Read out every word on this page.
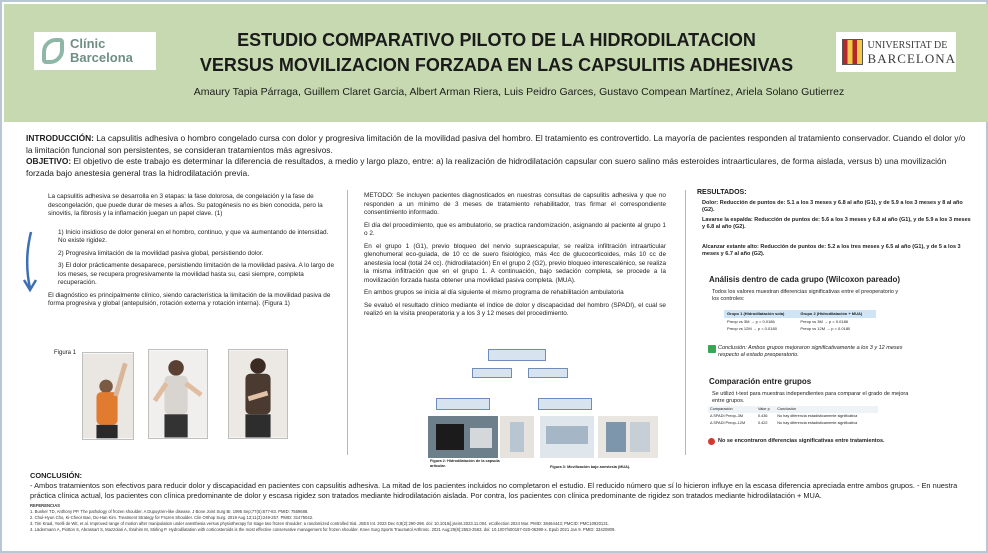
Clínic
Barcelona
ESTUDIO COMPARATIVO PILOTO DE LA HIDRODILATACION
VERSUS MOVILIZACION FORZADA EN LAS CAPSULITIS ADHESIVAS
UNIVERSITAT DE
BARCELONA
Amaury Tapia Párraga, Guillem Claret Garcia, Albert Arman Riera, Luis Peidro Garces, Gustavo Compean Martínez, Ariela Solano Gutierrez
INTRODUCCIÓN: La capsulitis adhesiva o hombro congelado cursa con dolor y progresiva limitación de la movilidad pasiva del hombro. El tratamiento es controvertido. La mayoría de pacientes responden al tratamiento conservador. Cuando el dolor y/o la limitación funcional son persistentes, se consideran tratamientos más agresivos.
OBJETIVO: El objetivo de este trabajo es determinar la diferencia de resultados, a medio y largo plazo, entre: a) la realización de hidrodilatación capsular con suero salino más esteroides intraarticulares, de forma aislada, versus b) una movilización forzada bajo anestesia general tras la hidrodilatación previa.

La capsulitis adhesiva se desarrolla en 3 etapas: la fase dolorosa, de congelación y la fase de descongelación, que puede durar de meses a años. Su patogénesis no es bien conocida, pero la sinovitis, la fibrosis y la inflamación juegan un papel clave. (1)

1) Inicio insidioso de dolor general en el hombro, continuo, y que va aumentando de intensidad. No existe rigidez.

2) Progresiva limitación de la movilidad pasiva global, persistiendo dolor.

3) El dolor prácticamente desaparece, persistiendo limitación de la movilidad pasiva. A lo largo de los meses, se recupera progresivamente la movilidad hasta su, casi siempre, completa recuperación.

El diagnóstico es principalmente clínico, siendo característica la limitación de la movilidad pasiva de forma progresiva y global (antepulsión, rotación externa y rotación interna). (Figura 1)

Figura 1

METODO: Se incluyen pacientes diagnosticados en nuestras consultas de capsulitis adhesiva y que no responden a un mínimo de 3 meses de tratamiento rehabilitador, tras firmar el correspondiente consentimiento informado.

El día del procedimiento, que es ambulatorio, se practica randomización, asignando al paciente al grupo 1 o 2.

En el grupo 1 (G1), previo bloqueo del nervio supraescapular, se realiza infiltración intraarticular glenohumeral eco-guiada, de 10 cc de suero fisiológico, más 4cc de glucocorticoides, más 10 cc de anestesia local (total 24 cc). (hidrodilatación) En el grupo 2 (G2), previo bloqueo interescalénico, se realiza la misma infiltración que en el grupo 1. A continuación, bajo sedación completa, se procede a la movilización forzada hasta obtener una movilidad pasiva completa. (MUA).

En ambos grupos se inicia al día siguiente el mismo programa de rehabilitación ambulatoria

Se evaluó el resultado clínico mediante el índice de dolor y discapacidad del hombro (SPADI), el cual se realizó en la visita preoperatoria y a los 3 y 12 meses del procedimiento.

Figura 2: Hidrodilatación de la capsula articular.	Figura 3: Movilización bajo anestesia (MUA).
RESULTADOS:
Dolor: Reducción de puntos de: 5.1 a los 3 meses y 6.8 al año (G1), y de 5.9 a los 3 meses y 8 al año (G2).
Lavarse la espalda: Reducción de puntos de: 5.6 a los 3 meses y 6.8 al año (G1), y de 5.9 a los 3 meses y 6.8 al año (G2).
Alcanzar estante alto: Reducción de puntos de: 5.2 a los tres meses y 6.5 al año (G1), y de 5 a los 3 meses y 6.7 al año (G2).
Análisis dentro de cada grupo (Wilcoxon pareado)
Todos los valores muestran diferencias significativas entre el preoperatorio y los controles:
Grupo 1 (Hidrodilatación sola)	Grupo 2 (Hidrodilatación + MUA)
Preop vs 3M → p = 0.0186	Preop vs 3M → p = 0.0186
Preop vs 12M → p = 0.0180	Preop vs 12M → p = 0.0180
Conclusión: Ambos grupos mejoraron significativamente a los 3 y 12 meses respecto al estado preoperatorio.
Comparación entre grupos
Se utilizó t-test para muestras independientes para comparar el grado de mejora entre grupos.
Comparación	Valor p	Conclusión
Δ SPADI Preop–3M	0.436	No hay diferencia estadísticamente significativa
Δ SPADI Preop–12M	0.422	No hay diferencia estadísticamente significativa
No se encontraron diferencias significativas entre tratamientos.
CONCLUSIÓN:
- Ambos tratamientos son efectivos para reducir dolor y discapacidad en pacientes con capsulitis adhesiva. La mitad de los pacientes incluidos no completaron el estudio. El reducido número que sí lo hicieron influye en la escasa diferencia apreciada entre ambos grupos. - En nuestra práctica clínica actual, los pacientes con clínica predominante de dolor y escasa rigidez son tratados mediante hidrodilatación aislada. Por contra, los pacientes con clínica predominante de rigidez son tratados mediante hidrodilatación + MUA.
REFERENCIAS
1. Bunker TD, Anthony PP. The pathology of frozen shoulder. A Dupuytren-like disease. J Bone Joint Surg Br. 1995 Sep;77(5):677-83. PMID: 7559688.
2. Chul-Hyun Cho, Ki-Cheor Bae, Du-Han Kim. Treatment Strategy for Frozen Shoulder. Clin Orthop Surg. 2019 Aug 13;11(3):249-257. PMID: 31475042.
3. Tim Kraal, Yoelli de Wit, et al. Improved range of motion after manipulation under anesthesia versus physiotherapy for stage two frozen shoulder: a randomized controlled trial. JSES Int. 2023 Dec 6;8(2):290-298. doi: 10.1016/j.jseint.2023.11.004. eCollection 2024 Mar. PMID: 38464443; PMCID: PMC10920131.
4. Lädermann A, Piotton S, Abrassart S, Mazzolari A, Ibrahim M, Stirling P. Hydrodilatation with corticosteroids is the most effective conservative management for frozen shoulder. Knee Surg Sports Traumatol Arthrosc. 2021 Aug;29(8):2553-2563. doi: 10.1007/s00167-020-06390-x. Epub 2021 Jan 9. PMID: 33420809.
